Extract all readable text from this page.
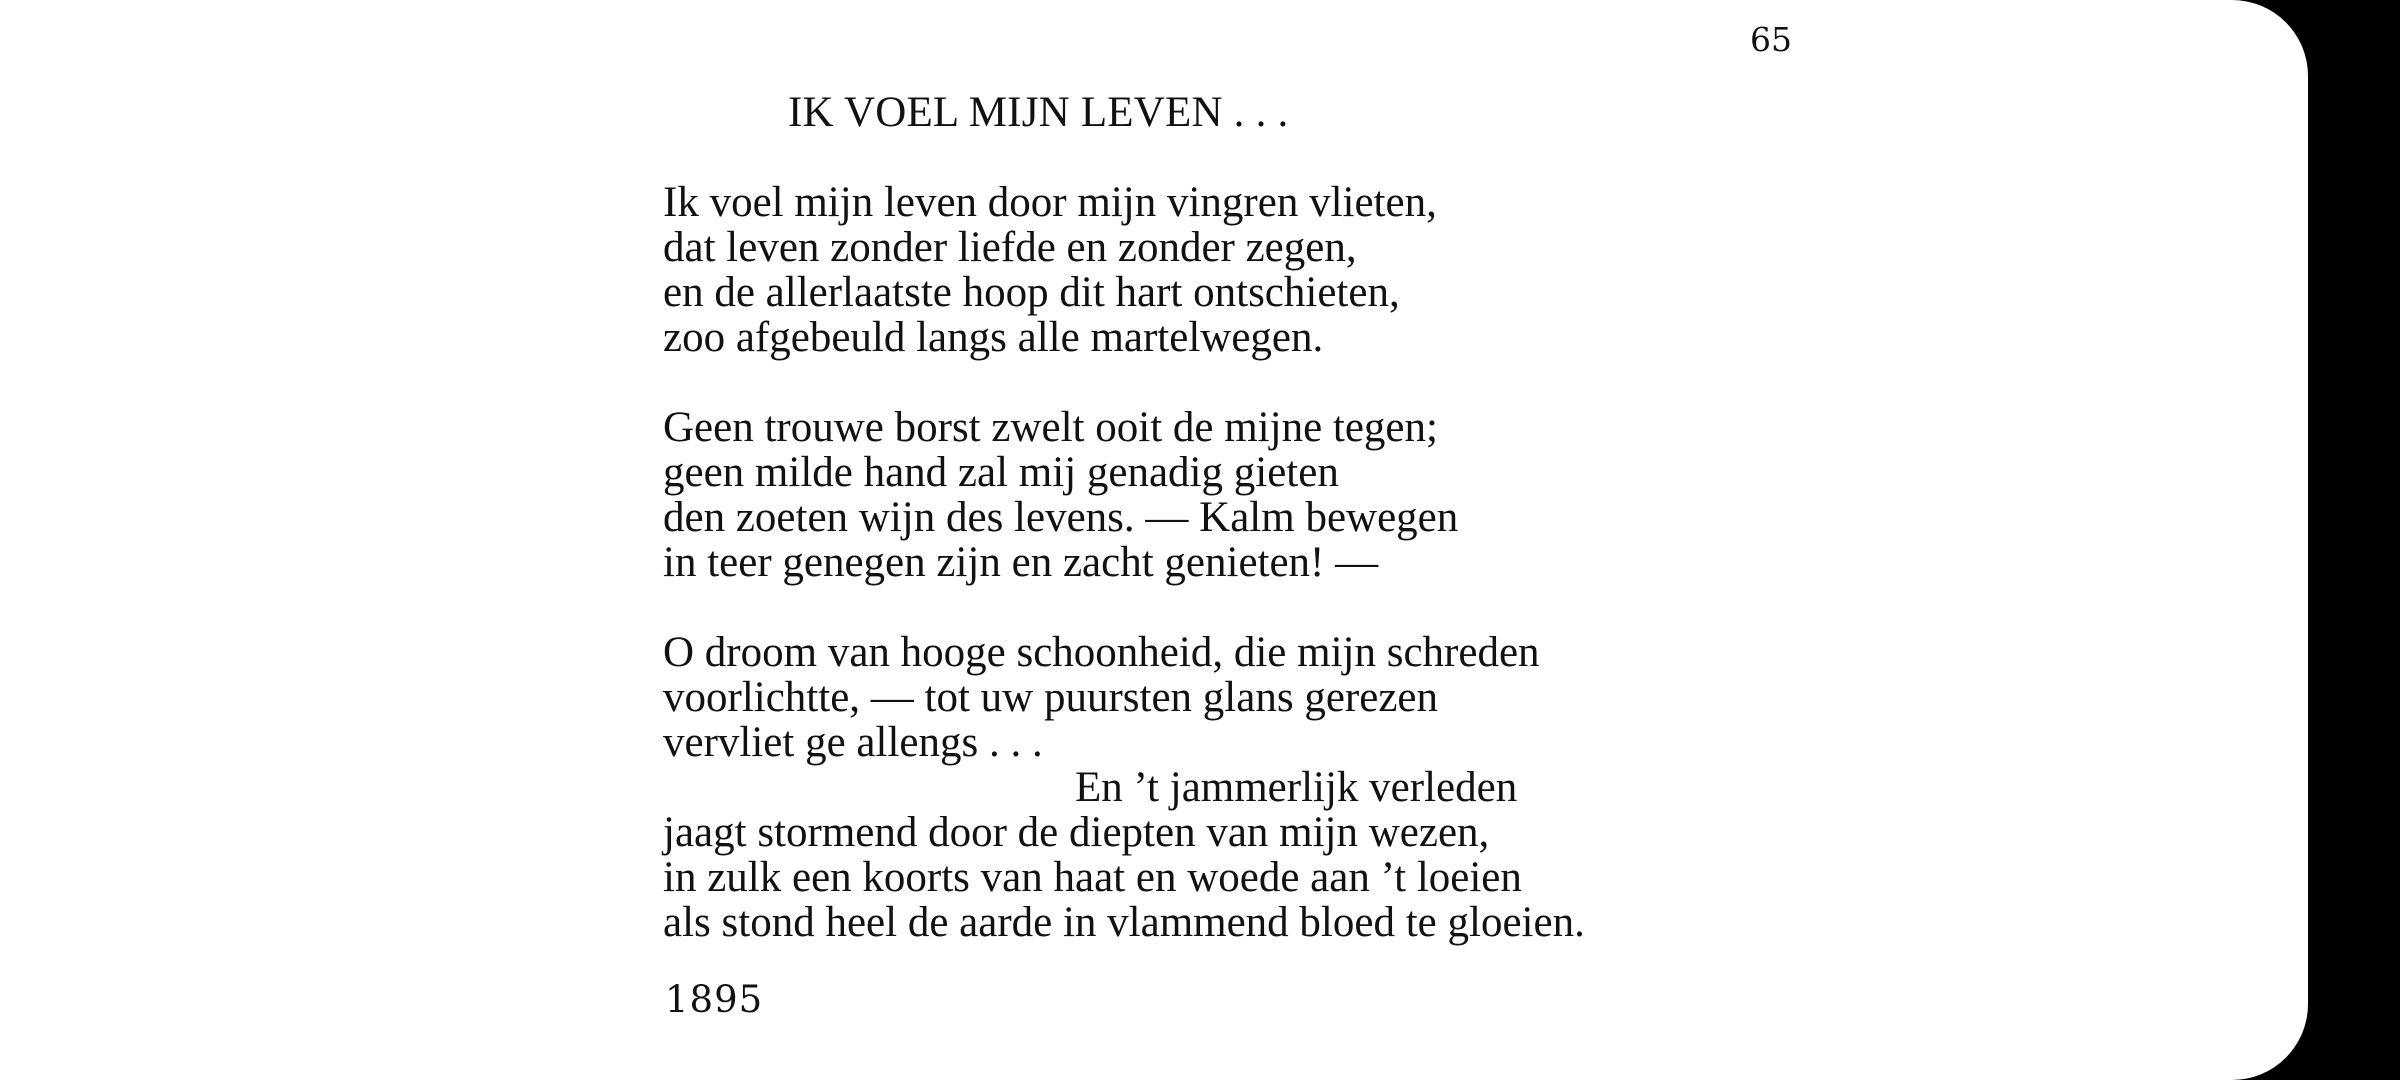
65
IK VOEL MIJN LEVEN . . .
Ik voel mijn leven door mijn vingren vlieten,
dat leven zonder liefde en zonder zegen,
en de allerlaatste hoop dit hart ontschieten,
zoo afgebeuld langs alle martelwegen.
Geen trouwe borst zwelt ooit de mijne tegen;
geen milde hand zal mij genadig gieten
den zoeten wijn des levens. — Kalm bewegen
in teer genegen zijn en zacht genieten! —
O droom van hooge schoonheid, die mijn schreden
voorlichtte, — tot uw puursten glans gerezen
vervliet ge allengs . . .
En ’t jammerlijk verleden
jaagt stormend door de diepten van mijn wezen,
in zulk een koorts van haat en woede aan ’t loeien
als stond heel de aarde in vlammend bloed te gloeien.
1895
